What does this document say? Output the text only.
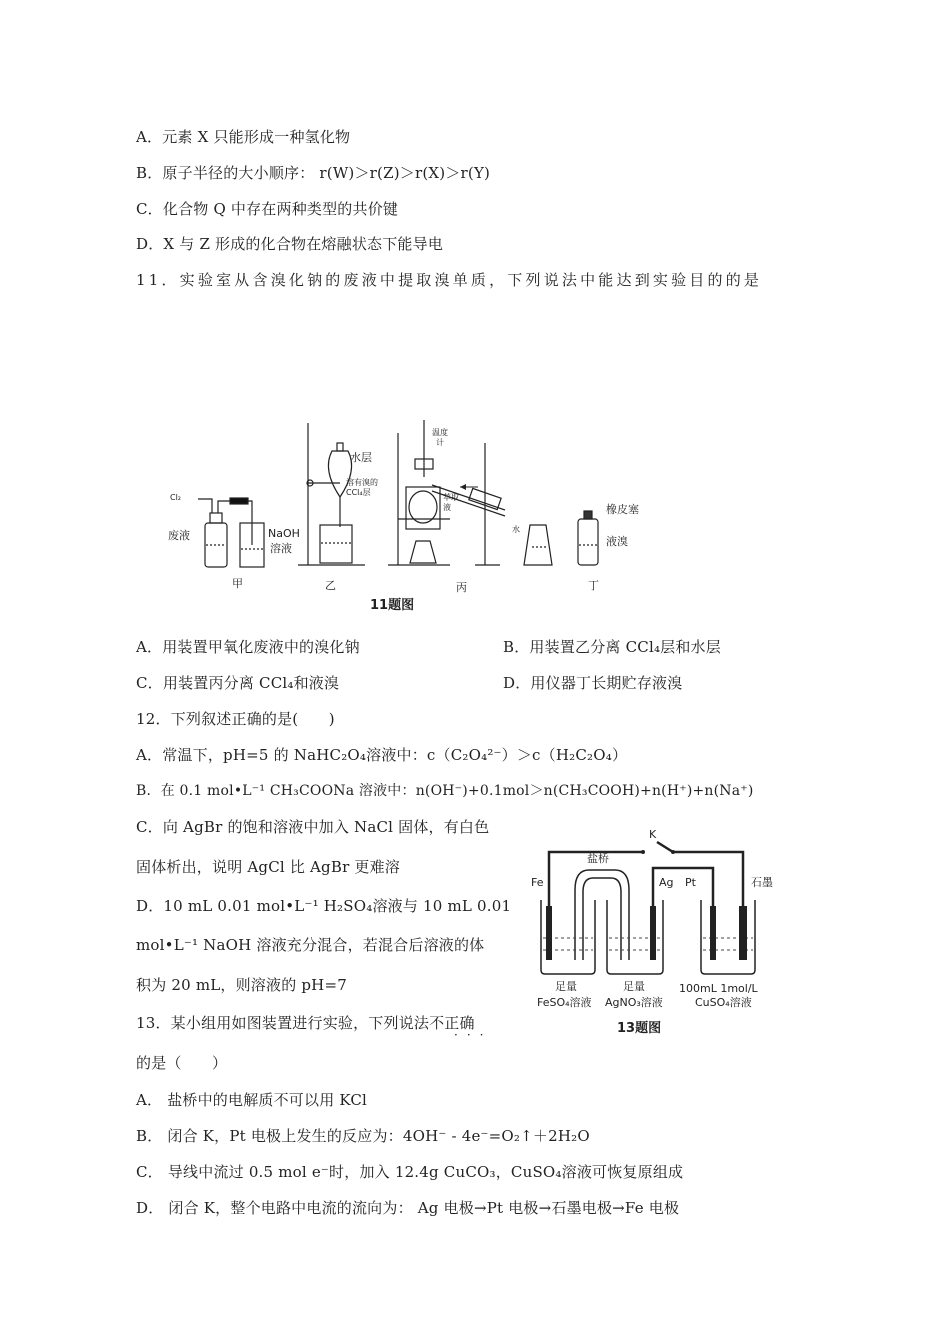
A．元素 X 只能形成一种氢化物
B．原子半径的大小顺序： r(W)＞r(Z)＞r(X)＞r(Y)
C．化合物 Q 中存在两种类型的共价键
D．X 与 Z 形成的化合物在熔融状态下能导电
11．实验室从含溴化钠的废液中提取溴单质，下列说法中能达到实验目的的是
Cl₂
废液	NaOH
溶液
甲
水层
溶有溴的
CCl₄层
乙
温度
计
萃取
液
水
丙
橡皮塞
液溴
丁
11题图
A．用装置甲氧化废液中的溴化钠	B．用装置乙分离 CCl₄层和水层
C．用装置丙分离 CCl₄和液溴	D．用仪器丁长期贮存液溴
12．下列叙述正确的是(　　)
A．常温下，pH=5 的 NaHC₂O₄溶液中：c（C₂O₄²⁻）＞c（H₂C₂O₄）
B．在 0.1 mol•L⁻¹ CH₃COONa 溶液中：n(OH⁻)+0.1mol＞n(CH₃COOH)+n(H⁺)+n(Na⁺)
C．向 AgBr 的饱和溶液中加入 NaCl 固体，有白色
固体析出，说明 AgCl 比 AgBr 更难溶
D．10 mL 0.01 mol•L⁻¹ H₂SO₄溶液与 10 mL 0.01
mol•L⁻¹ NaOH 溶液充分混合，若混合后溶液的体
积为 20 mL，则溶液的 pH=7
K
Fe
盐桥
Ag Pt	石墨
足量
FeSO₄溶液
足量
AgNO₃溶液
100mL 1mol/L
CuSO₄溶液
13题图
13．某小组用如图装置进行实验，下列说法不正确
···
的是（　　）
A． 盐桥中的电解质不可以用 KCl
B． 闭合 K，Pt 电极上发生的反应为：4OH⁻ - 4e⁻=O₂↑＋2H₂O
C． 导线中流过 0.5 mol e⁻时，加入 12.4g CuCO₃，CuSO₄溶液可恢复原组成
D． 闭合 K，整个电路中电流的流向为： Ag 电极→Pt 电极→石墨电极→Fe 电极
